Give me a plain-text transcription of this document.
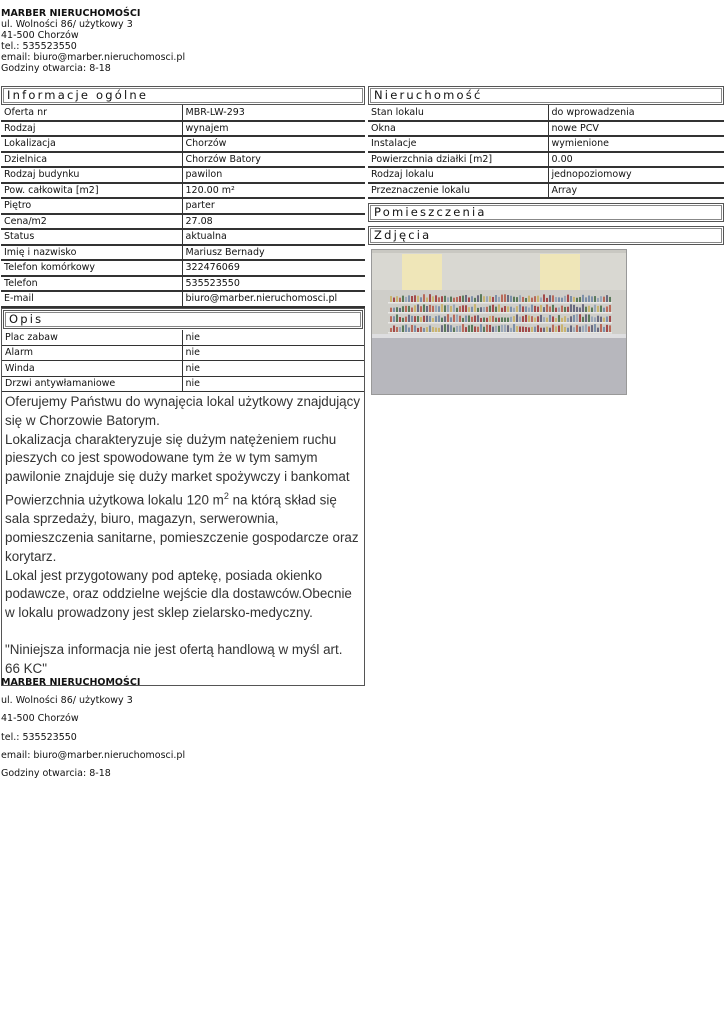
MARBER NIERUCHOMOŚCI
ul. Wolności 86/ użytkowy 3
41-500 Chorzów
tel.: 535523550
email: biuro@marber.nieruchomosci.pl
Godziny otwarcia: 8-18
Informacje ogólne
Oferta nr	MBR-LW-293
Rodzaj	wynajem
Lokalizacja	Chorzów
Dzielnica	Chorzów Batory
Rodzaj budynku	pawilon
Pow. całkowita [m2]	120.00 m²
Piętro	parter
Cena/m2	27.08
Status	aktualna
Imię i nazwisko	Mariusz Bernady
Telefon komórkowy	322476069
Telefon	535523550
E-mail	biuro@marber.nieruchomosci.pl
Opis
Plac zabaw	nie
Alarm	nie
Winda	nie
Drzwi antywłamaniowe	nie

Oferujemy Państwu do wynajęcia lokal użytkowy znajdujący się w Chorzowie Batorym.

Lokalizacja charakteryzuje się dużym natężeniem ruchu pieszych co jest spowodowane tym że w tym samym pawilonie znajduje się duży market spożywczy i bankomat Powierzchnia użytkowa lokalu 120 $m^2$ na którą skład się sala sprzedaży, biuro, magazyn, serwerownia, pomieszczenia sanitarne, pomieszczenie gospodarcze oraz korytarz.

Lokal jest przygotowany pod aptekę, posiada okienko podawcze, oraz oddzielne wejście dla dostawców.Obecnie w lokalu prowadzony jest sklep zielarsko-medyczny.

"Niniejsza informacja nie jest ofertą handlową w myśl art. 66 KC"

Nieruchomość
Stan lokalu	do wprowadzenia
Okna	nowe PCV
Instalacje	wymienione
Powierzchnia działki [m2]	0.00
Rodzaj lokalu	jednopoziomowy
Przeznaczenie lokalu	Array
Pomieszczenia
Zdjęcia
MARBER NIERUCHOMOŚCI
ul. Wolności 86/ użytkowy 3
41-500 Chorzów
tel.: 535523550
email: biuro@marber.nieruchomosci.pl
Godziny otwarcia: 8-18
